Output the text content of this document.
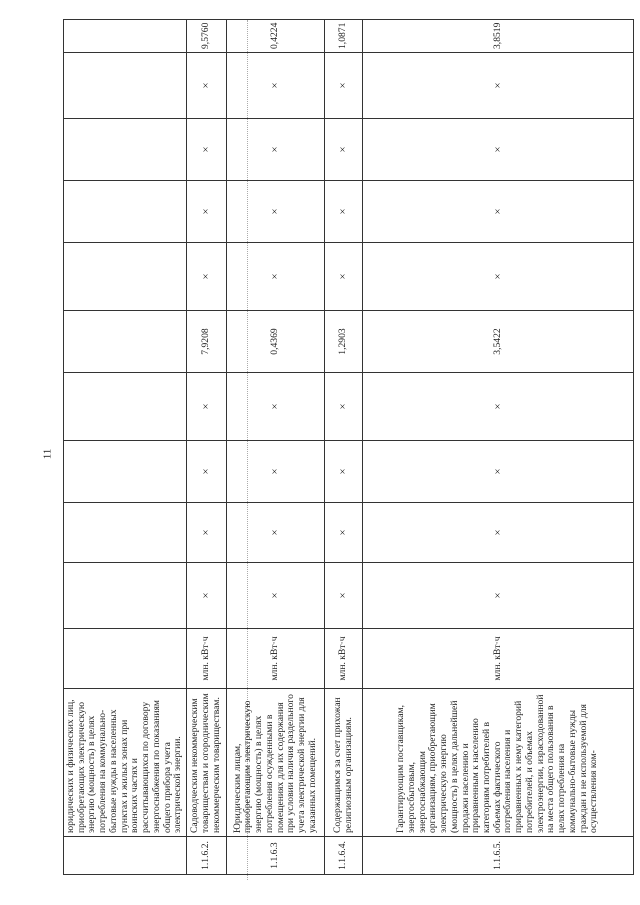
11
	юридических и физических лиц, приобретающих электрическую энергию (мощность) в целях потребления на коммунально-бытовые нужды в населенных пунктах и жилых зонах при воинских частях и рассчитывающихся по договору энергоснабжения по показаниям общего прибора учета электрической энергии.											
1.1.6.2.	Садоводческим некоммерческим товариществам и огородническим некоммерческим товариществам.	млн. кВт·ч	×	×	×	×	7,9208	×	×	×	×	9,5760
1.1.6.3	Юридическим лицам, приобретающим электрическую энергию (мощность) в целях потребления осужденными в помещениях для их содержания при условии наличия раздельного учета электрической энергии для указанных помещений.	млн. кВт·ч	×	×	×	×	0,4369	×	×	×	×	0,4224
1.1.6.4.	Содержащимся за счет прихожан религиозным организациям.	млн. кВт·ч	×	×	×	×	1,2903	×	×	×	×	1,0871
1.1.6.5.	Гарантирующим поставщикам, энергосбытовым, энергоснабжающим организациям, приобретающим электрическую энергию (мощность) в целях дальнейшей продажи населению и приравненным к населению категориям потребителей в объемах фактического потребления населения и приравненных к нему категорий потребителей, и объемах электроэнергии, израсходованной на места общего пользования в целях потребления на коммунально-бытовые нужды граждан и не используемой для осуществления ком-	млн. кВт·ч	×	×	×	×	3,5422	×	×	×	×	3,8519
